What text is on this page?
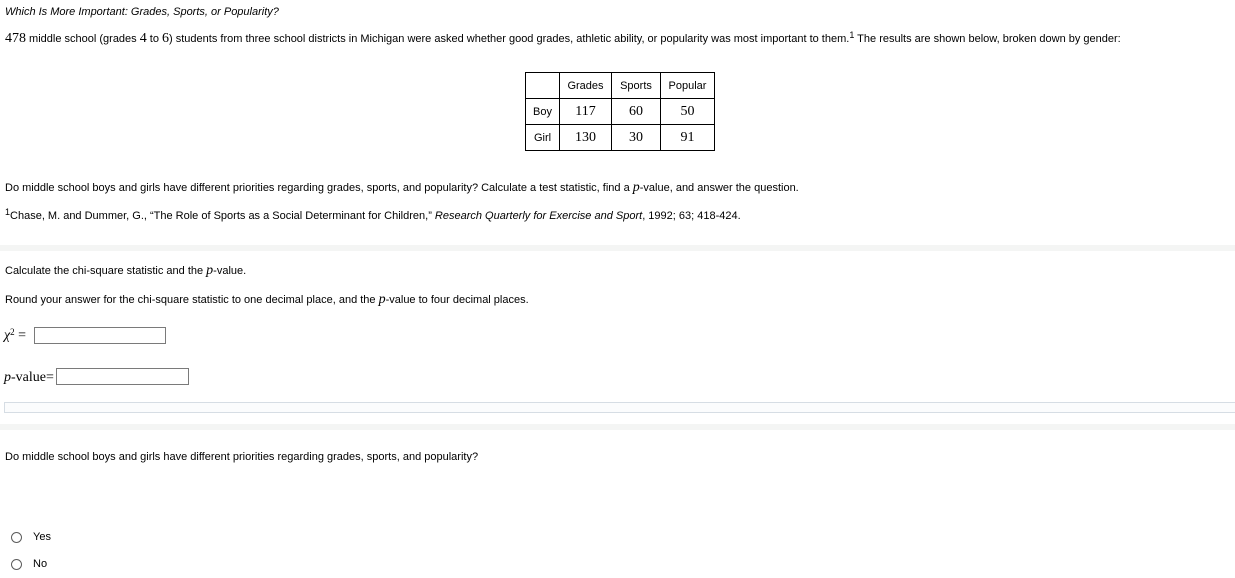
Which Is More Important: Grades, Sports, or Popularity?
478 middle school (grades 4 to 6) students from three school districts in Michigan were asked whether good grades, athletic ability, or popularity was most important to them.$^1$ The results are shown below, broken down by gender:
	Grades	Sports	Popular
Boy	117	60	50
Girl	130	30	91
Do middle school boys and girls have different priorities regarding grades, sports, and popularity? Calculate a test statistic, find a p-value, and answer the question.
$^1$Chase, M. and Dummer, G., “The Role of Sports as a Social Determinant for Children,” Research Quarterly for Exercise and Sport, 1992; 63; 418-424.
Calculate the chi-square statistic and the p-value.
Round your answer for the chi-square statistic to one decimal place, and the p-value to four decimal places.
$\chi^2$ =
p-value=
Do middle school boys and girls have different priorities regarding grades, sports, and popularity?
Yes
No
